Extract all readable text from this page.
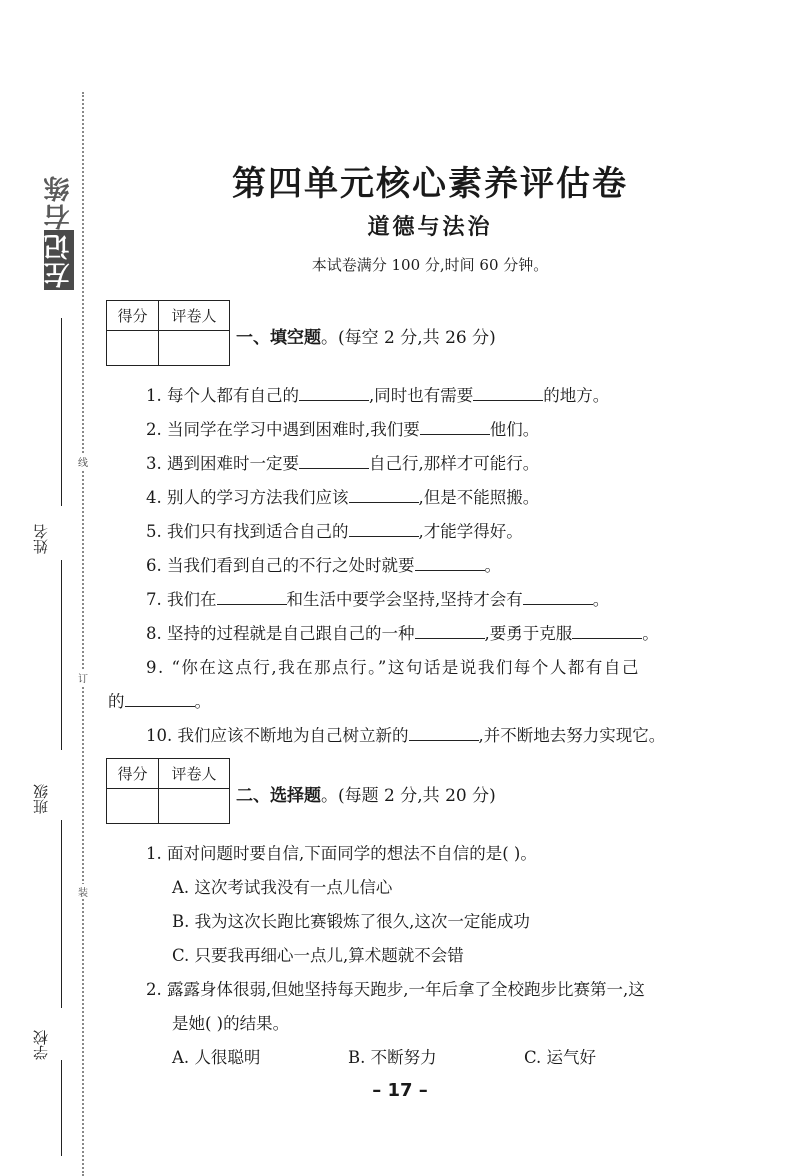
左记右练
姓名
班级
学校
线
订
装
第四单元核心素养评估卷
道德与法治
本试卷满分 100 分,时间 60 分钟。
得分	评卷人
一、填空题。(每空 2 分,共 26 分)
1. 每个人都有自己的	,同时也有需要	的地方。
2. 当同学在学习中遇到困难时,我们要	他们。
3. 遇到困难时一定要	自己行,那样才可能行。
4. 别人的学习方法我们应该	,但是不能照搬。
5. 我们只有找到适合自己的	,才能学得好。
6. 当我们看到自己的不行之处时就要	。
7. 我们在	和生活中要学会坚持,坚持才会有	。
8. 坚持的过程就是自己跟自己的一种	,要勇于克服	。
9. “你在这点行,我在那点行。”这句话是说我们每个人都有自己
的	。
10. 我们应该不断地为自己树立新的	,并不断地去努力实现它。
得分	评卷人
二、选择题。(每题 2 分,共 20 分)
1. 面对问题时要自信,下面同学的想法不自信的是( )。
A. 这次考试我没有一点儿信心
B. 我为这次长跑比赛锻炼了很久,这次一定能成功
C. 只要我再细心一点儿,算术题就不会错
2. 露露身体很弱,但她坚持每天跑步,一年后拿了全校跑步比赛第一,这
是她( )的结果。
A. 人很聪明	B. 不断努力	C. 运气好
– 17 –
